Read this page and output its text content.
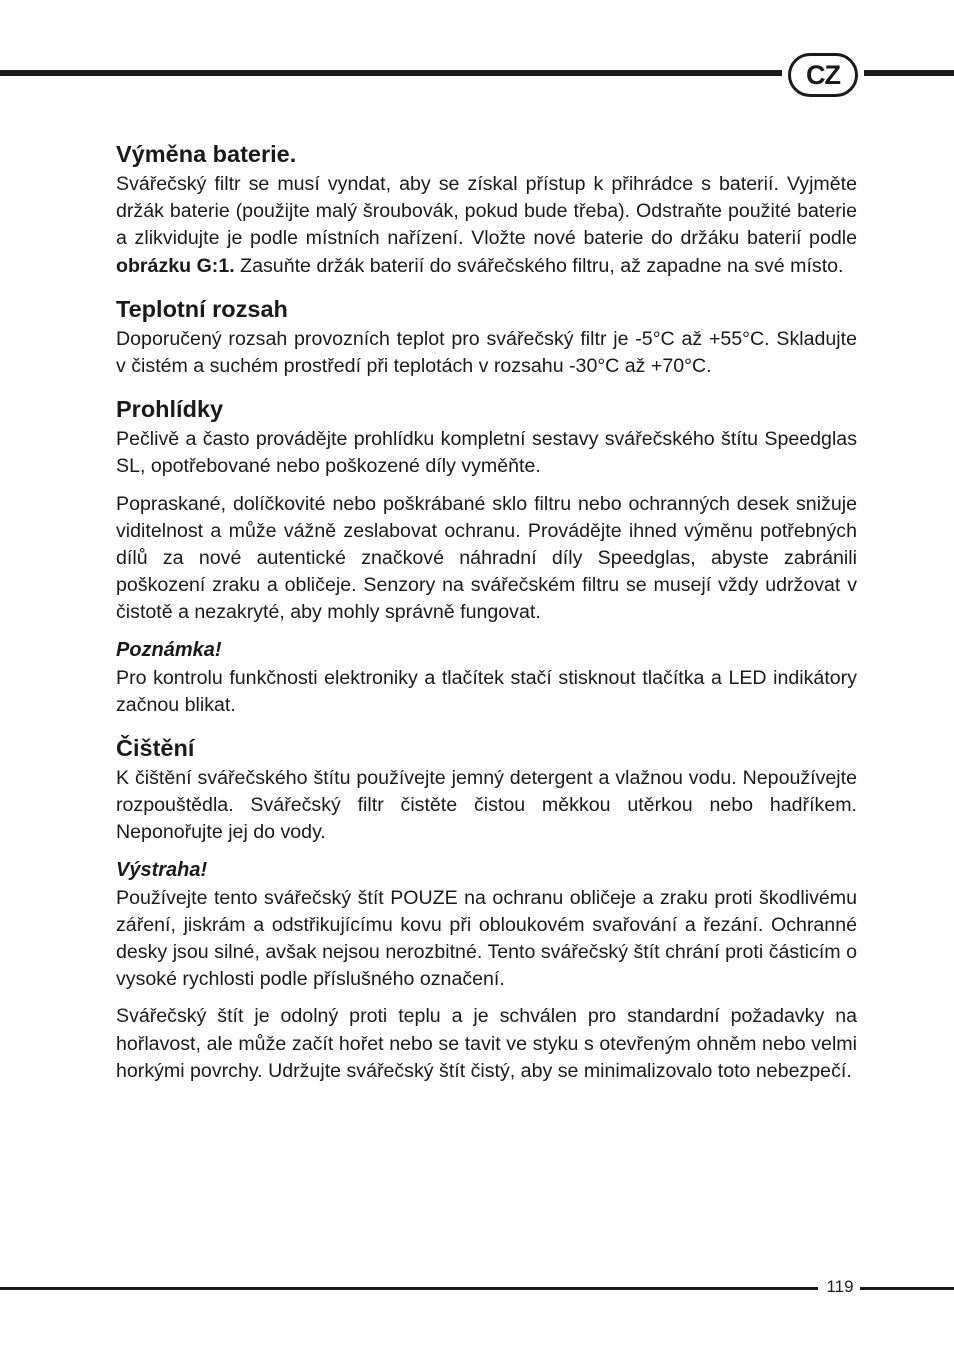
CZ
Výměna baterie.

Svářečský filtr se musí vyndat, aby se získal přístup k přihrádce s baterií. Vyjměte držák baterie (použijte malý šroubovák, pokud bude třeba). Odstraňte použité baterie a zlikvidujte je podle místních nařízení. Vložte nové baterie do držáku baterií podle obrázku G:1. Zasuňte držák baterií do svářečského filtru, až zapadne na své místo.

Teplotní rozsah

Doporučený rozsah provozních teplot pro svářečský filtr je -5°C až +55°C. Skladujte v čistém a suchém prostředí při teplotách v rozsahu -30°C až +70°C.

Prohlídky

Pečlivě a často provádějte prohlídku kompletní sestavy svářečského štítu Speedglas SL, opotřebované nebo poškozené díly vyměňte.

Popraskané, dolíčkovité nebo poškrábané sklo filtru nebo ochranných desek snižuje viditelnost a může vážně zeslabovat ochranu. Provádějte ihned výměnu potřebných dílů za nové autentické značkové náhradní díly Speedglas, abyste zabránili poškození zraku a obličeje. Senzory na svářečském filtru se musejí vždy udržovat v čistotě a nezakryté, aby mohly správně fungovat.

Poznámka!

Pro kontrolu funkčnosti elektroniky a tlačítek stačí stisknout tlačítka a LED indikátory začnou blikat.

Čištění

K čištění svářečského štítu používejte jemný detergent a vlažnou vodu. Nepoužívejte rozpouštědla. Svářečský filtr čistěte čistou měkkou utěrkou nebo hadříkem. Neponořujte jej do vody.

Výstraha!

Používejte tento svářečský štít POUZE na ochranu obličeje a zraku proti škodlivému záření, jiskrám a odstřikujícímu kovu při obloukovém svařování a řezání. Ochranné desky jsou silné, avšak nejsou nerozbitné. Tento svářečský štít chrání proti částicím o vysoké rychlosti podle příslušného označení.

Svářečský štít je odolný proti teplu a je schválen pro standardní požadavky na hořlavost, ale může začít hořet nebo se tavit ve styku s otevřeným ohněm nebo velmi horkými povrchy. Udržujte svářečský štít čistý, aby se minimalizovalo toto nebezpečí.

119
